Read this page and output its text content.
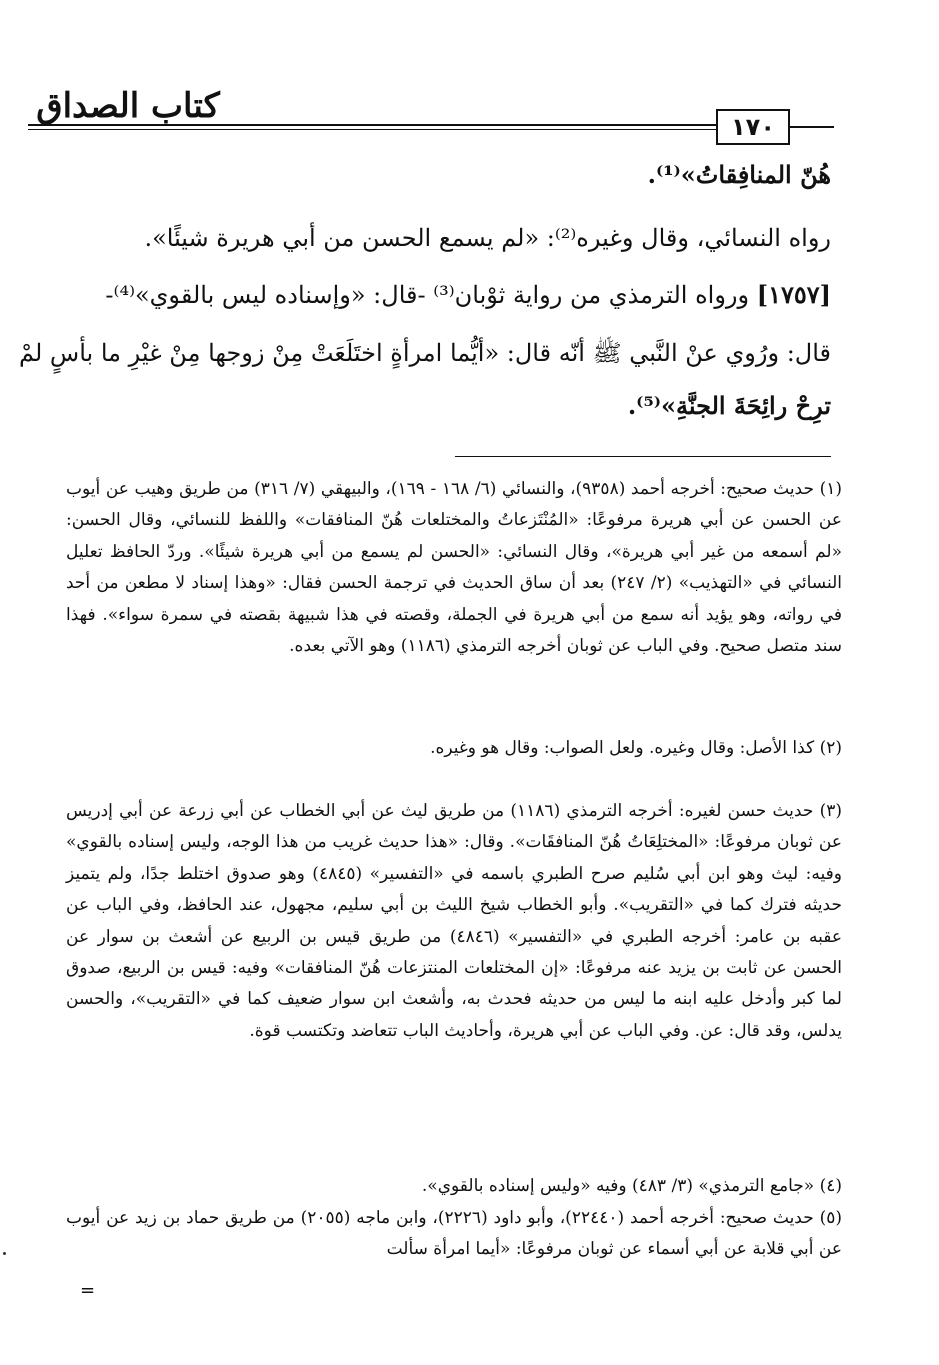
كتاب الصداق
١٧٠
هُنّ المنافِقاتُ»⁽¹⁾.
رواه النسائي، وقال وغيره⁽²⁾: «لم يسمع الحسن من أبي هريرة شيئًا».
[١٧٥٧] ورواه الترمذي من رواية ثوْبان⁽³⁾ -قال: «وإسناده ليس بالقوي»⁽⁴⁾-
قال: ورُوي عنْ النَّبي ﷺ أنّه قال: «أيُّما امرأةٍ اختَلَعَتْ مِنْ زوجها مِنْ غيْرِ ما بأسٍ لمْ
ترِحْ رائِحَةَ الجنَّةِ»⁽⁵⁾.
(١) حديث صحيح: أخرجه أحمد (٩٣٥٨)، والنسائي (٦/ ١٦٨ - ١٦٩)، والبيهقي (٧/ ٣١٦) من طريق وهيب عن أيوب عن الحسن عن أبي هريرة مرفوعًا: «المُنْتَزعاتُ والمختلعات هُنّ المنافقات» واللفظ للنسائي، وقال الحسن: «لم أسمعه من غير أبي هريرة»، وقال النسائي: «الحسن لم يسمع من أبي هريرة شيئًا». وردّ الحافظ تعليل النسائي في «التهذيب» (٢/ ٢٤٧) بعد أن ساق الحديث في ترجمة الحسن فقال: «وهذا إسناد لا مطعن من أحد في رواته، وهو يؤيد أنه سمع من أبي هريرة في الجملة، وقصته في هذا شبيهة بقصته في سمرة سواء». فهذا سند متصل صحيح. وفي الباب عن ثوبان أخرجه الترمذي (١١٨٦) وهو الآتي بعده.
(٢) كذا الأصل: وقال وغيره. ولعل الصواب: وقال هو وغيره.
(٣) حديث حسن لغيره: أخرجه الترمذي (١١٨٦) من طريق ليث عن أبي الخطاب عن أبي زرعة عن أبي إدريس عن ثوبان مرفوعًا: «المختلِعَاتُ هُنّ المنافقَات». وقال: «هذا حديث غريب من هذا الوجه، وليس إسناده بالقوي» وفيه: ليث وهو ابن أبي سُليم صرح الطبري باسمه في «التفسير» (٤٨٤٥) وهو صدوق اختلط جدًا، ولم يتميز حديثه فترك كما في «التقريب». وأبو الخطاب شيخ الليث بن أبي سليم، مجهول، عند الحافظ، وفي الباب عن عقبه بن عامر: أخرجه الطبري في «التفسير» (٤٨٤٦) من طريق قيس بن الربيع عن أشعث بن سوار عن الحسن عن ثابت بن يزيد عنه مرفوعًا: «إن المختلعات المنتزعات هُنّ المنافقات» وفيه: قيس بن الربيع، صدوق لما كبر وأدخل عليه ابنه ما ليس من حديثه فحدث به، وأشعث ابن سوار ضعيف كما في «التقريب»، والحسن يدلس، وقد قال: عن. وفي الباب عن أبي هريرة، وأحاديث الباب تتعاضد وتكتسب قوة.
(٤) «جامع الترمذي» (٣/ ٤٨٣) وفيه «وليس إسناده بالقوي».
(٥) حديث صحيح: أخرجه أحمد (٢٢٤٤٠)، وأبو داود (٢٢٢٦)، وابن ماجه (٢٠٥٥) من طريق حماد بن زيد عن أيوب عن أبي قلابة عن أبي أسماء عن ثوبان مرفوعًا: «أيما امرأة سألت
=
